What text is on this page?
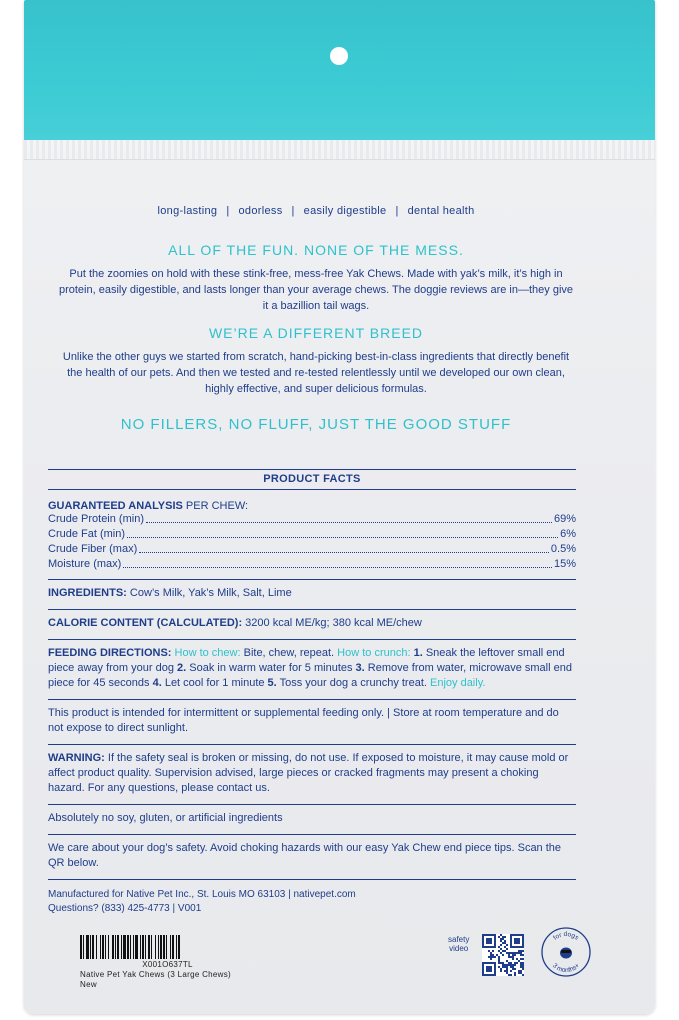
long-lasting | odorless | easily digestible | dental health
ALL OF THE FUN. NONE OF THE MESS.

Put the zoomies on hold with these stink-free, mess-free Yak Chews. Made with yak’s milk, it’s high in protein, easily digestible, and lasts longer than your average chews. The doggie reviews are in—they give it a bazillion tail wags.

WE’RE A DIFFERENT BREED

Unlike the other guys we started from scratch, hand-picking best-in-class ingredients that directly benefit the health of our pets. And then we tested and re-tested relentlessly until we developed our own clean, highly effective, and super delicious formulas.

NO FILLERS, NO FLUFF, JUST THE GOOD STUFF
PRODUCT FACTS
GUARANTEED ANALYSIS PER CHEW:
Crude Protein (min)	69%
Crude Fat (min)	6%
Crude Fiber (max)	0.5%
Moisture (max)	15%
INGREDIENTS: Cow’s Milk, Yak’s Milk, Salt, Lime
CALORIE CONTENT (CALCULATED): 3200 kcal ME/kg; 380 kcal ME/chew
FEEDING DIRECTIONS: How to chew: Bite, chew, repeat. How to crunch: 1. Sneak the leftover small end piece away from your dog 2. Soak in warm water for 5 minutes 3. Remove from water, microwave small end piece for 45 seconds 4. Let cool for 1 minute 5. Toss your dog a crunchy treat. Enjoy daily.
This product is intended for intermittent or supplemental feeding only. | Store at room temperature and do not expose to direct sunlight.
WARNING: If the safety seal is broken or missing, do not use. If exposed to moisture, it may cause mold or affect product quality. Supervision advised, large pieces or cracked fragments may present a choking hazard. For any questions, please contact us.
Absolutely no soy, gluten, or artificial ingredients
We care about your dog’s safety. Avoid choking hazards with our easy Yak Chew end piece tips. Scan the QR below.
Manufactured for Native Pet Inc., St. Louis MO 63103 | nativepet.com
Questions? (833) 425-4773 | V001
X001O637TL
Native Pet Yak Chews (3 Large Chews)
New
safety
video
for dogs
3 months+
